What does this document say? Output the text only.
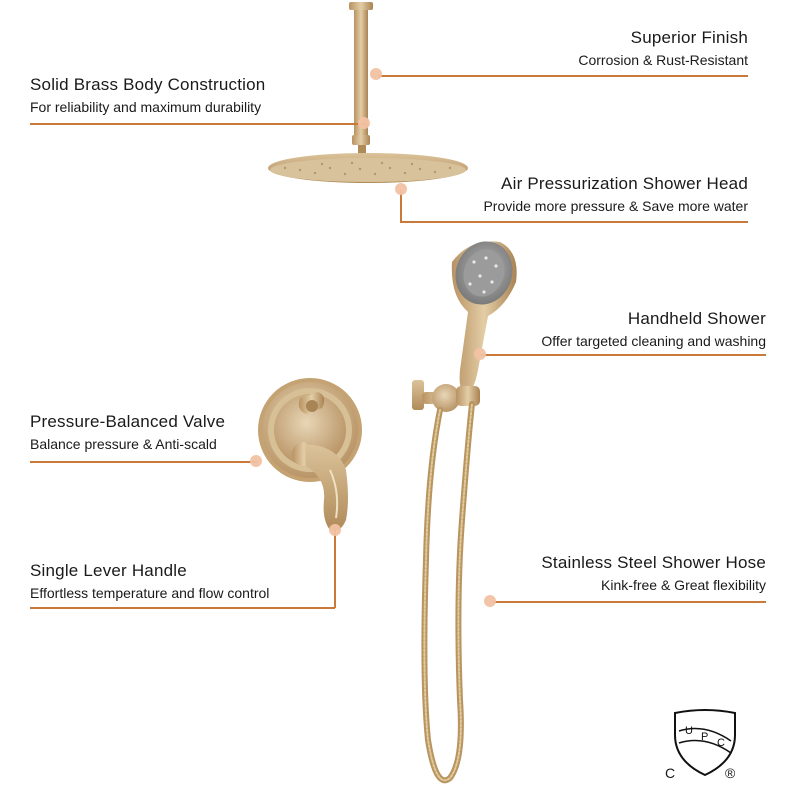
Superior Finish
Corrosion & Rust-Resistant
Solid Brass Body Construction
For reliability and maximum durability
Air Pressurization Shower Head
Provide more pressure & Save more water
Handheld Shower
Offer targeted cleaning and washing
Pressure-Balanced Valve
Balance pressure & Anti-scald
Single Lever Handle
Effortless temperature and flow control
Stainless Steel Shower Hose
Kink-free & Great flexibility
U P C
C	®
